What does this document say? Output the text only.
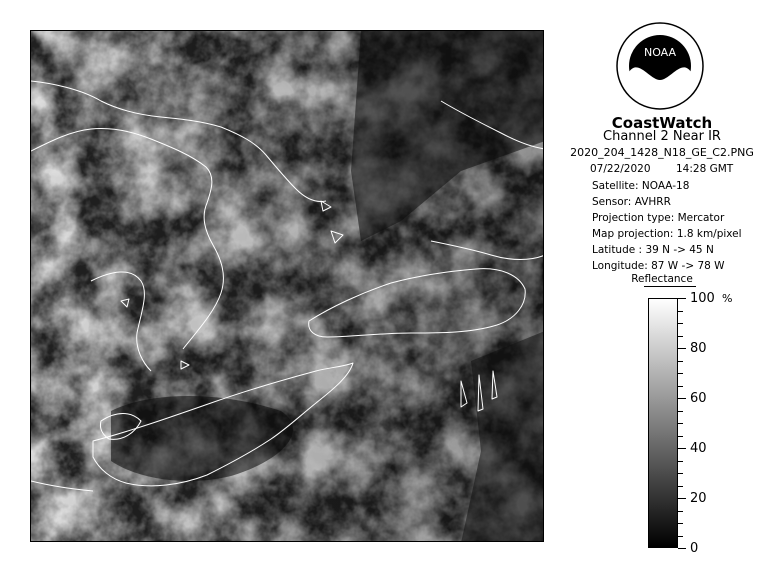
NOAA
CoastWatch
Channel 2 Near IR
2020_204_1428_N18_GE_C2.PNG
07/22/2020 14:28 GMT
Satellite: NOAA-18
Sensor: AVHRR
Projection type: Mercator
Map projection: 1.8 km/pixel
Latitude : 39 N -> 45 N
Longitude: 87 W -> 78 W
Reflectance
100
80
60
40
20
0
%
